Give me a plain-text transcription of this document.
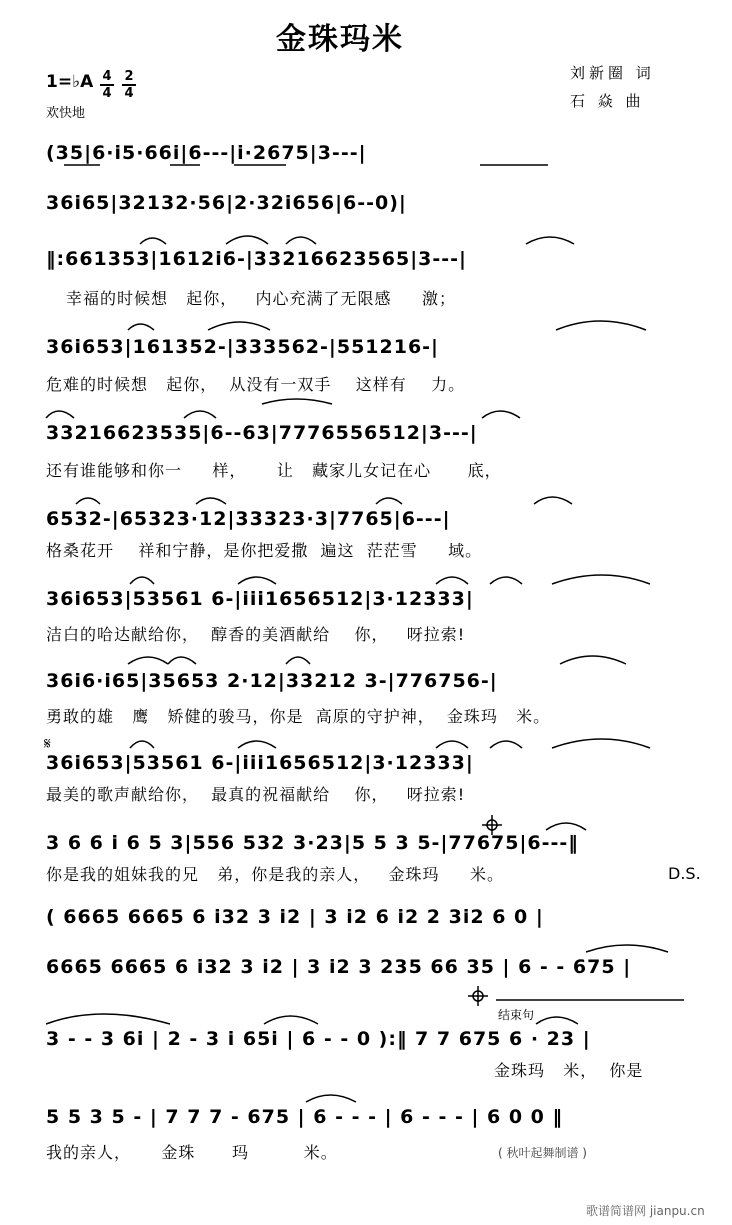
金珠玛米
刘新圈 词
石 焱 曲
1=♭A 4
4
2
4
欢快地
(35|6·i5·66i|6---|i·2675|3---|
36i65|32132·56|2·32i656|6--0)|
‖:661353|1612i6-|33216623565|3---|
幸福的时候想   起你，   内心充满了无限感     激；
36i653|161352-|333562-|551216-|
危难的时候想   起你，  从没有一双手    这样有    力。
33216623535|6--63|7776556512|3---|
还有谁能够和你一     样，     让   藏家儿女记在心      底，
6532-|65323·12|33323·3|7765|6---|
格桑花开    祥和宁静，是你把爱撒  遍这  茫茫雪     域。
36i653|53561 6-|iii1656512|3·12333|
洁白的哈达献给你，  醇香的美酒献给    你，   呀拉索!
36i6·i65|35653 2·12|33212 3-|776756-|
勇敢的雄   鹰   矫健的骏马，你是  高原的守护神，  金珠玛   米。
𝄋
36i653|53561 6-|iii1656512|3·12333|
最美的歌声献给你，  最真的祝福献给    你，   呀拉索!
3 6 6 i 6 5 3|556 532 3·23|5 5 3 5-|77675|6---‖
你是我的姐妹我的兄   弟，你是我的亲人，   金珠玛     米。	D.S.
( 6665 6665 6 i32 3 i2 | 3 i2 6 i2 2 3i2 6 0 |
6665 6665 6 i32 3 i2 | 3 i2 3 235 66 35 | 6 - - 675 |
结束句
3 - - 3 6i | 2 - 3 i 65i | 6 - - 0 ):‖ 7 7 675 6 · 23 |
金珠玛   米，  你是
5 5 3 5 - | 7 7 7 - 675 | 6 - - - | 6 - - - | 6 0 0 ‖
我的亲人，     金珠      玛         米。	( 秋叶起舞制谱 )
歌谱简谱网 jianpu.cn
